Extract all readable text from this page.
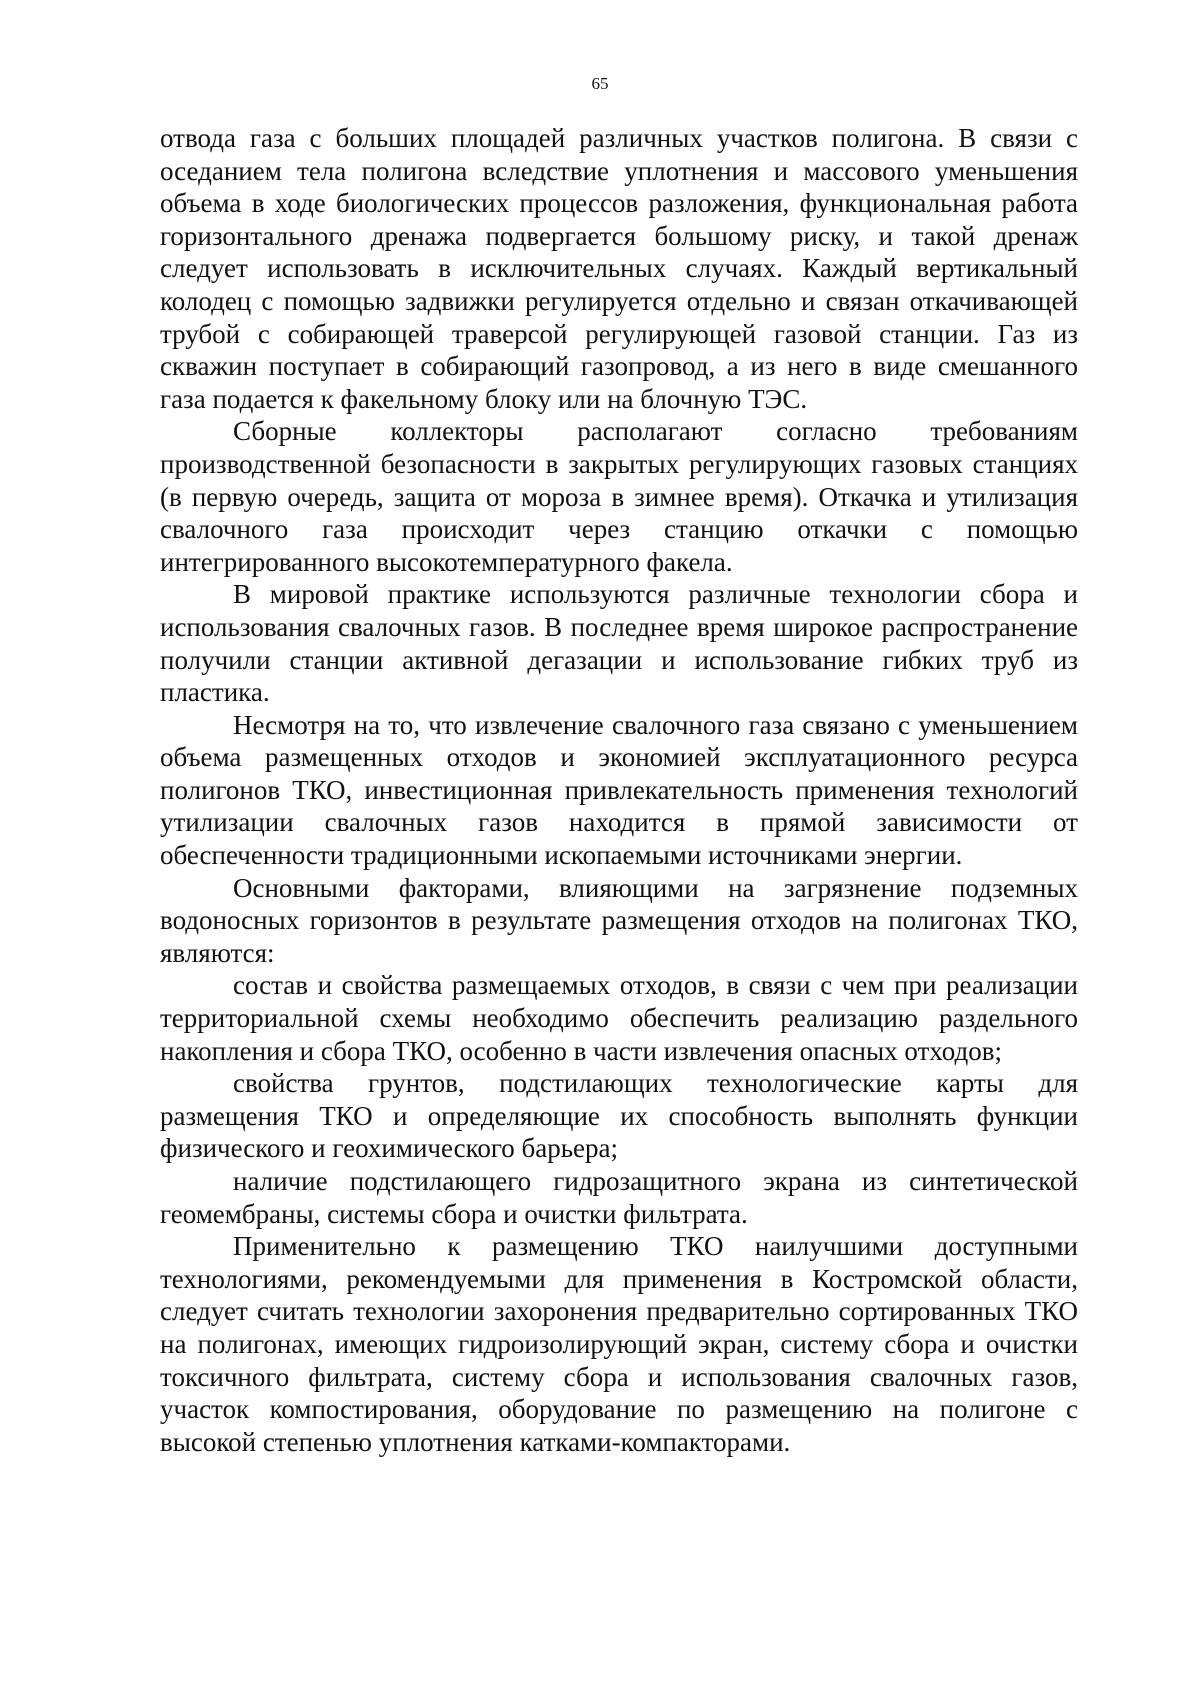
65

отвода газа с больших площадей различных участков полигона. В связи с оседанием тела полигона вследствие уплотнения и массового уменьшения объема в ходе биологических процессов разложения, функциональная работа горизонтального дренажа подвергается большому риску, и такой дренаж следует использовать в исключительных случаях. Каждый вертикальный колодец с помощью задвижки регулируется отдельно и связан откачивающей трубой с собирающей траверсой регулирующей газовой станции. Газ из скважин поступает в собирающий газопровод, а из него в виде смешанного газа подается к факельному блоку или на блочную ТЭС.

Сборные коллекторы располагают согласно требованиям производственной безопасности в закрытых регулирующих газовых станциях (в первую очередь, защита от мороза в зимнее время). Откачка и утилизация свалочного газа происходит через станцию откачки с помощью интегрированного высокотемпературного факела.

В мировой практике используются различные технологии сбора и использования свалочных газов. В последнее время широкое распространение получили станции активной дегазации и использование гибких труб из пластика.

Несмотря на то, что извлечение свалочного газа связано с уменьшением объема размещенных отходов и экономией эксплуатационного ресурса полигонов ТКО, инвестиционная привлекательность применения технологий утилизации свалочных газов находится в прямой зависимости от обеспеченности традиционными ископаемыми источниками энергии.

Основными факторами, влияющими на загрязнение подземных водоносных горизонтов в результате размещения отходов на полигонах ТКО, являются:

состав и свойства размещаемых отходов, в связи с чем при реализации территориальной схемы необходимо обеспечить реализацию раздельного накопления и сбора ТКО, особенно в части извлечения опасных отходов;

свойства грунтов, подстилающих технологические карты для размещения ТКО и определяющие их способность выполнять функции физического и геохимического барьера;

наличие подстилающего гидрозащитного экрана из синтетической геомембраны, системы сбора и очистки фильтрата.

Применительно к размещению ТКО наилучшими доступными технологиями, рекомендуемыми для применения в Костромской области, следует считать технологии захоронения предварительно сортированных ТКО на полигонах, имеющих гидроизолирующий экран, систему сбора и очистки токсичного фильтрата, систему сбора и использования свалочных газов, участок компостирования, оборудование по размещению на полигоне с высокой степенью уплотнения катками-компакторами.
